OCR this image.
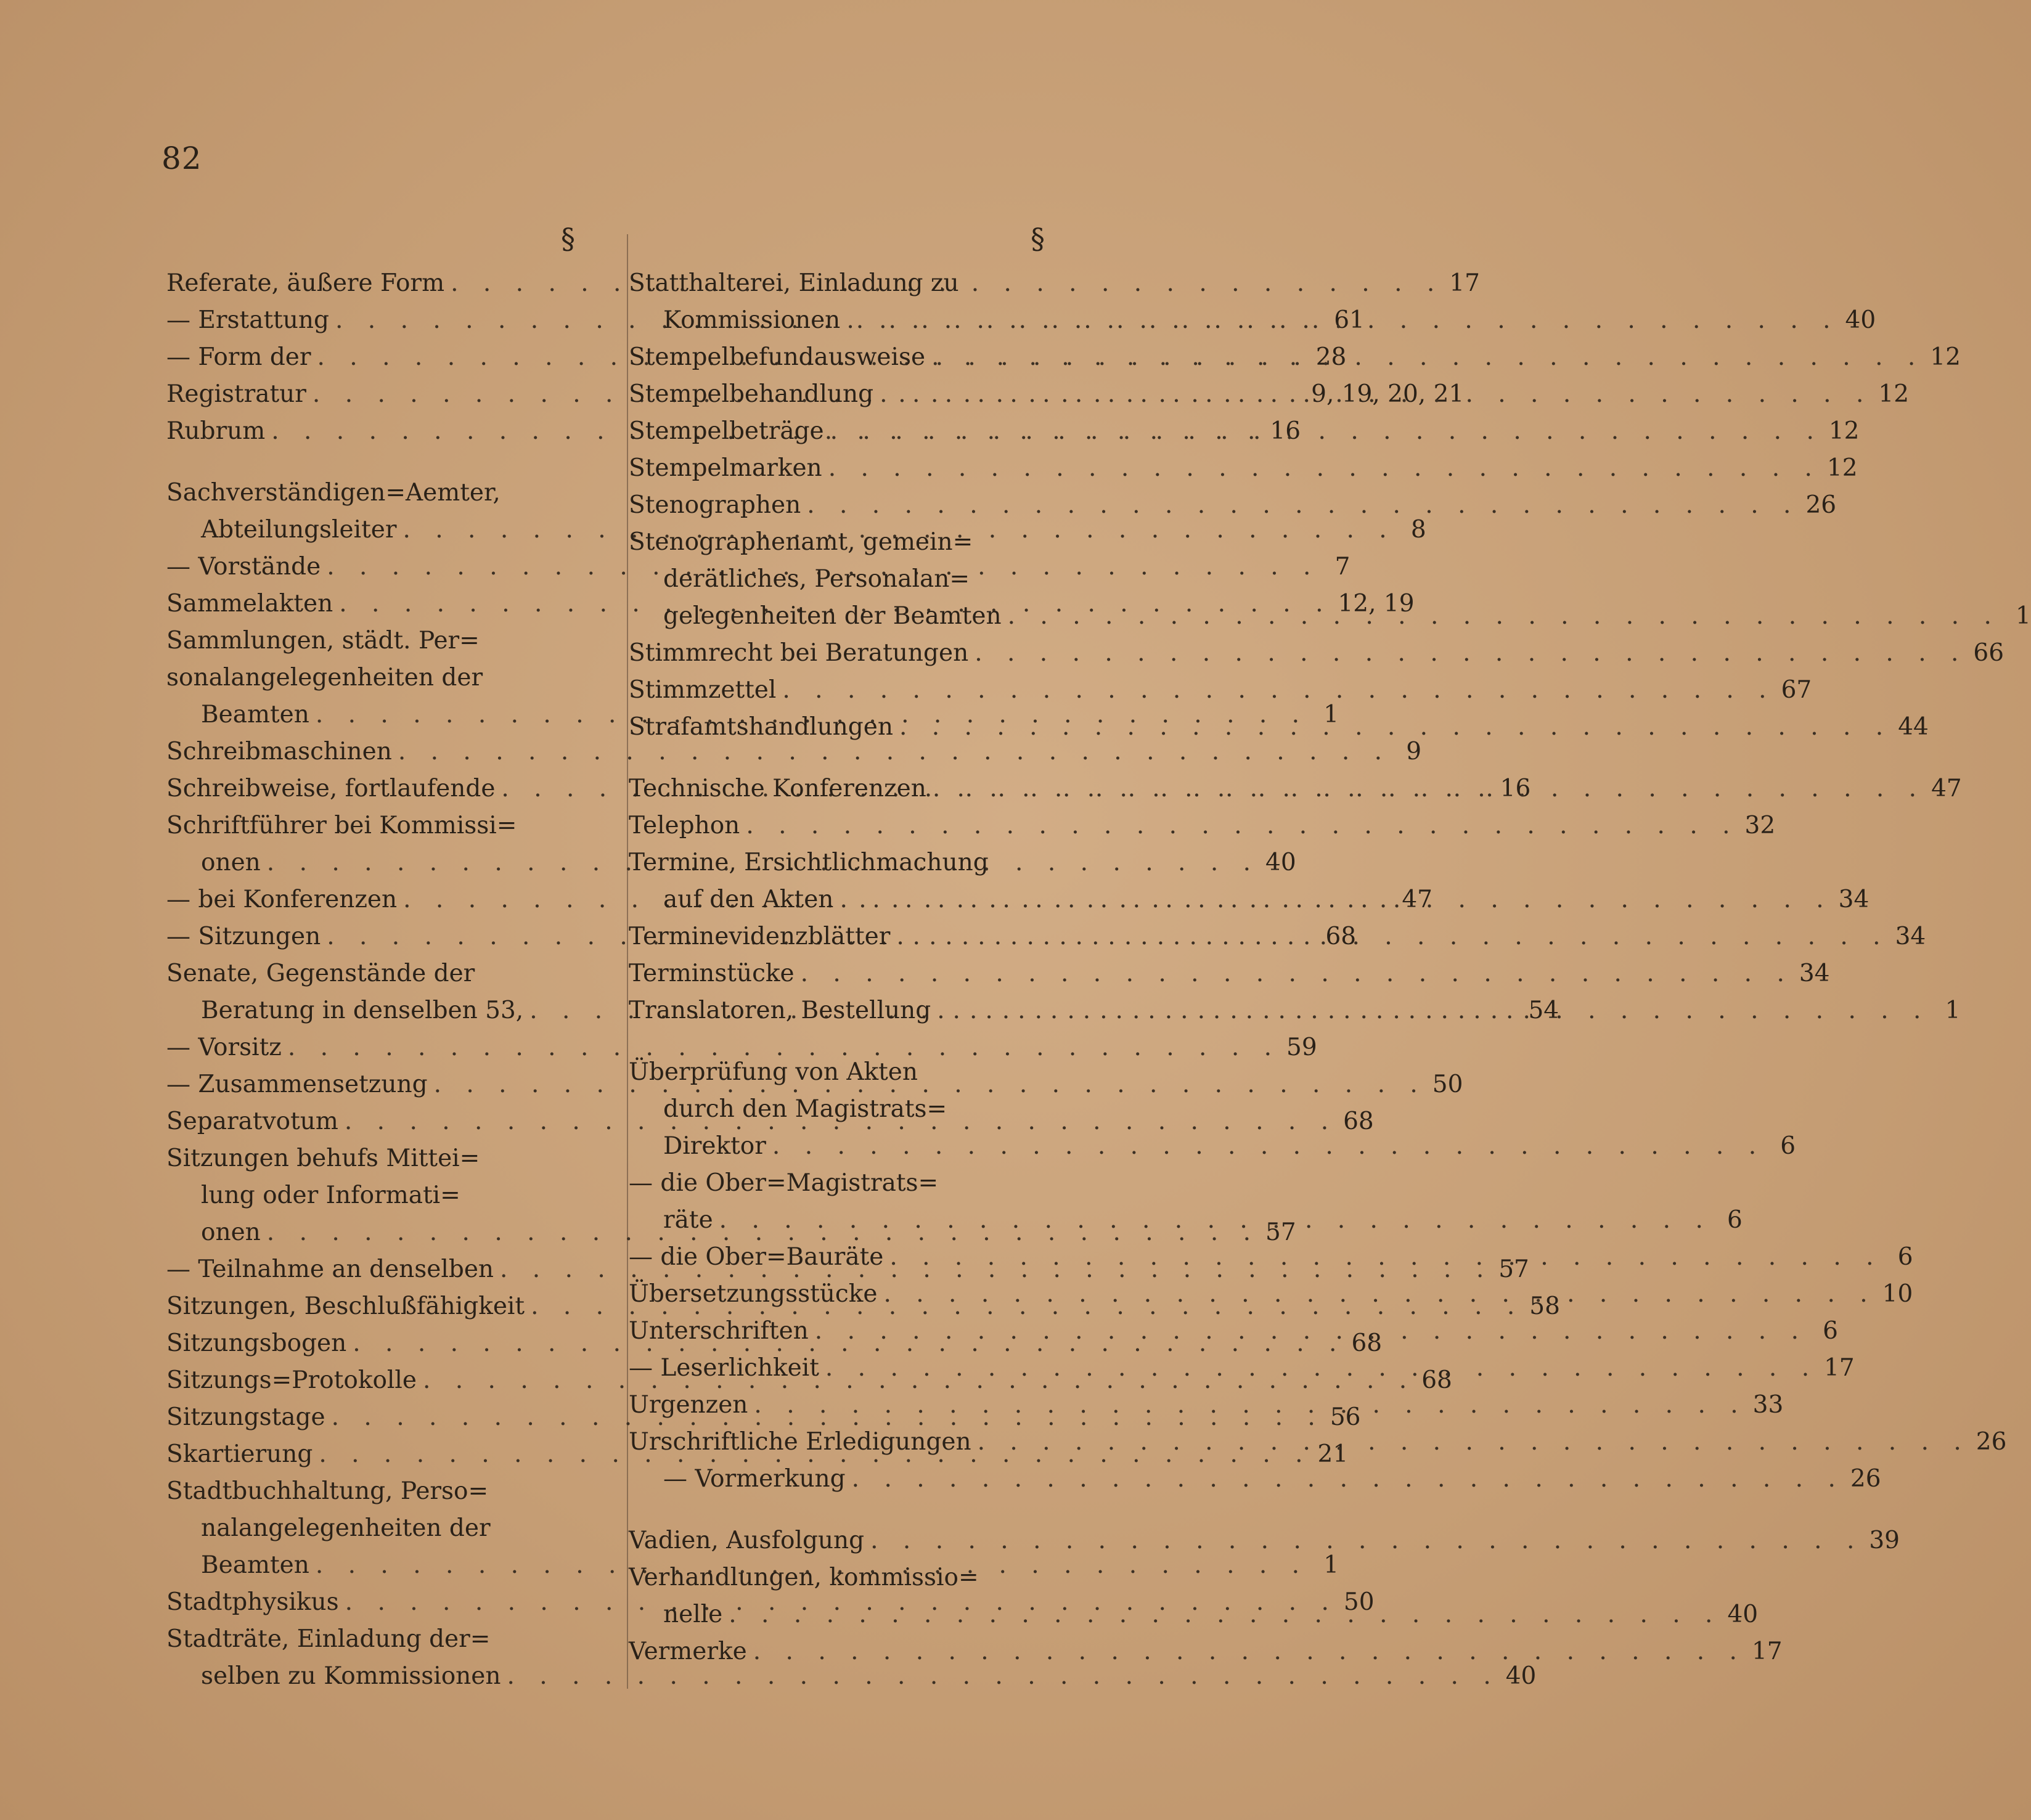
82
§	§
Referate, äußere Form . . .	17
— Erstattung . . .	61
— Form der . . .	28
Registratur . . .	9, 19, 20, 21
Rubrum . . .	16
Sachverständigen=Aemter,
Abteilungsleiter . . .	8
— Vorstände . . .	7
Sammelakten . . .	12, 19
Sammlungen, städt. Per=
sonalangelegenheiten der
Beamten . . .	1
Schreibmaschinen . . .	9
Schreibweise, fortlaufende . . .	16
Schriftführer bei Kommissi=
onen . . .	40
— bei Konferenzen . . .	47
— Sitzungen . . .	68
Senate, Gegenstände der
Beratung in denselben 53, . . .	54
— Vorsitz . . .	59
— Zusammensetzung . . .	50
Separatvotum . . .	68
Sitzungen behufs Mittei=
lung oder Informati=
onen . . .	57
— Teilnahme an denselben . . .	57
Sitzungen, Beschlußfähigkeit . . .	58
Sitzungsbogen . . .	68
Sitzungs=Protokolle . . .	68
Sitzungstage . . .	56
Skartierung . . .	21
Stadtbuchhaltung, Perso=
nalangelegenheiten der
Beamten . . .	1
Stadtphysikus . . .	50
Stadträte, Einladung der=
selben zu Kommissionen . . .	40
Statthalterei, Einladung zu
Kommissionen . . .	40
Stempelbefundausweise . . .	12
Stempelbehandlung . . .	12
Stempelbeträge . . .	12
Stempelmarken . . .	12
Stenographen . . .	26
Stenographenamt, gemein=
derätliches, Personalan=
gelegenheiten der Beamten . . .	1
Stimmrecht bei Beratungen . . .	66
Stimmzettel . . .	67
Strafamtshandlungen . . .	44
Technische Konferenzen . . .	47
Telephon . . .	32
Termine, Ersichtlichmachung
auf den Akten . . .	34
Terminevidenzblätter . . .	34
Terminstücke . . .	34
Translatoren, Bestellung . . .	1
Überprüfung von Akten
durch den Magistrats=
Direktor . . .	6
— die Ober=Magistrats=
räte . . .	6
— die Ober=Bauräte . . .	6
Übersetzungsstücke . . .	10
Unterschriften . . .	6
— Leserlichkeit . . .	17
Urgenzen . . .	33
Urschriftliche Erledigungen . . .	26
— Vormerkung . . .	26
Vadien, Ausfolgung . . .	39
Verhandlungen, kommissio=
nelle . . .	40
Vermerke . . .	17
